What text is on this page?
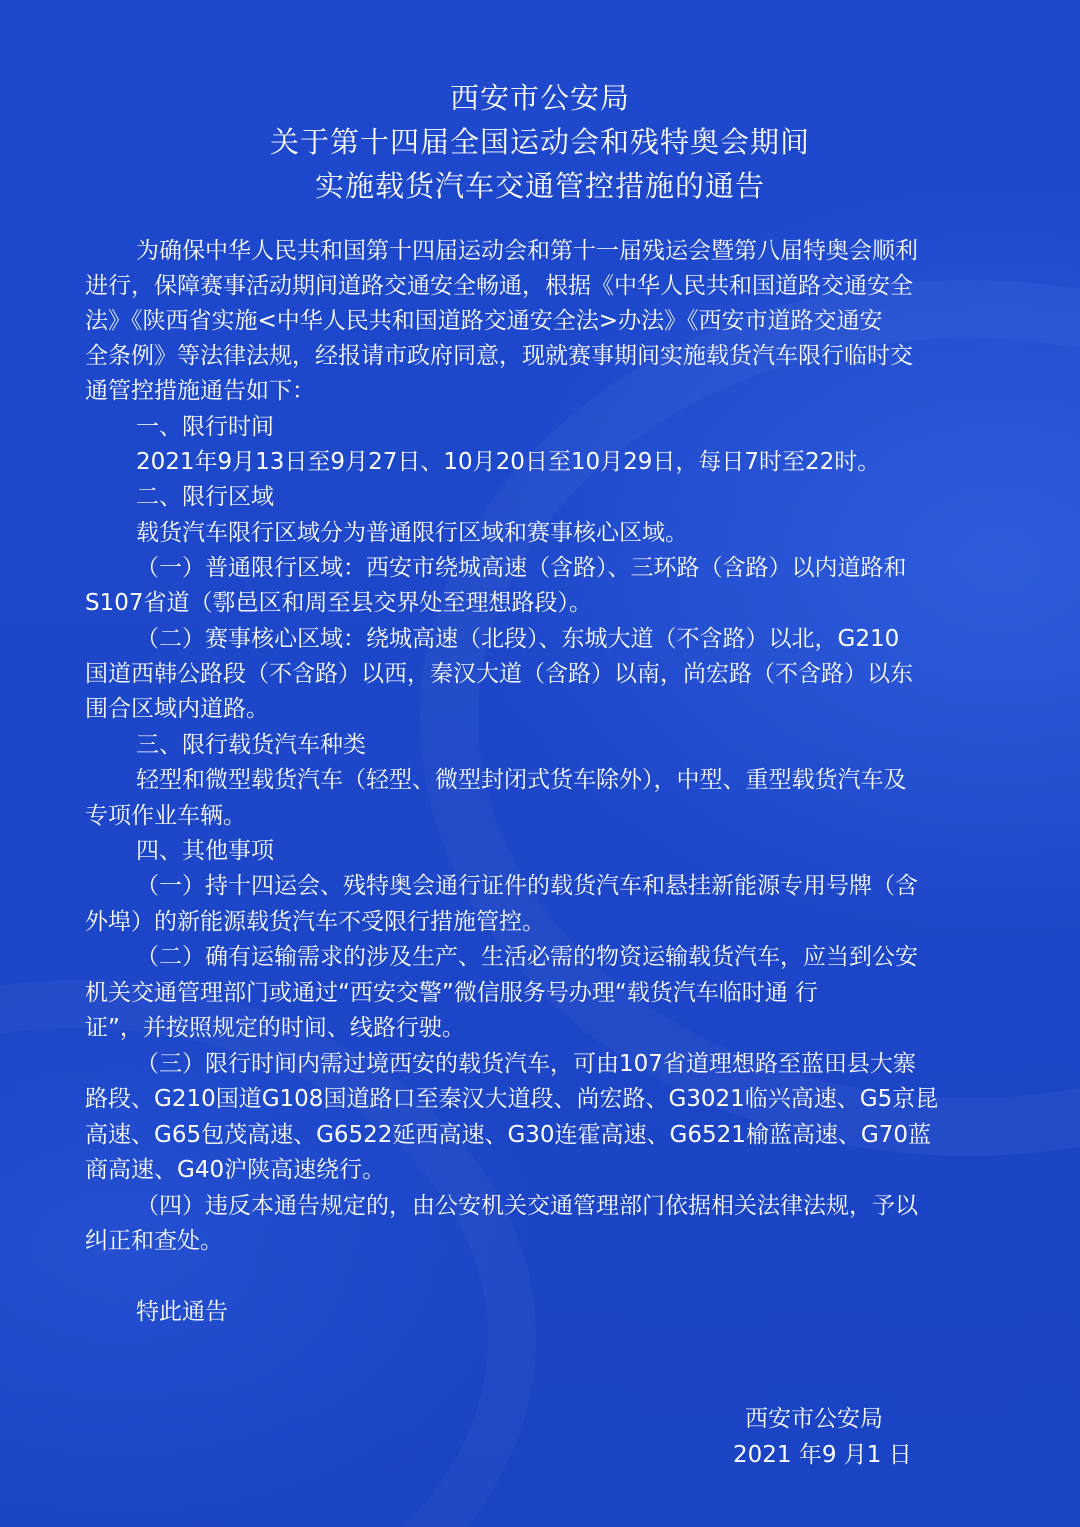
西安市公安局
关于第十四届全国运动会和残特奥会期间
实施载货汽车交通管控措施的通告
为确保中华人民共和国第十四届运动会和第十一届残运会暨第八届特奥会顺利
进行，保障赛事活动期间道路交通安全畅通，根据《中华人民共和国道路交通安全
法》《陕西省实施<中华人民共和国道路交通安全法>办法》《西安市道路交通安
全条例》等法律法规，经报请市政府同意，现就赛事期间实施载货汽车限行临时交
通管控措施通告如下：
一、限行时间
2021年9月13日至9月27日、10月20日至10月29日，每日7时至22时。
二、限行区域
载货汽车限行区域分为普通限行区域和赛事核心区域。
（一）普通限行区域：西安市绕城高速（含路）、三环路（含路）以内道路和
S107省道（鄠邑区和周至县交界处至理想路段）。
（二）赛事核心区域：绕城高速（北段）、东城大道（不含路）以北，G210
国道西韩公路段（不含路）以西，秦汉大道（含路）以南，尚宏路（不含路）以东
围合区域内道路。
三、限行载货汽车种类
轻型和微型载货汽车（轻型、微型封闭式货车除外），中型、重型载货汽车及
专项作业车辆。
四、其他事项
（一）持十四运会、残特奥会通行证件的载货汽车和悬挂新能源专用号牌（含
外埠）的新能源载货汽车不受限行措施管控。
（二）确有运输需求的涉及生产、生活必需的物资运输载货汽车，应当到公安
机关交通管理部门或通过“西安交警”微信服务号办理“载货汽车临时通 行
证”，并按照规定的时间、线路行驶。
（三）限行时间内需过境西安的载货汽车，可由107省道理想路至蓝田县大寨
路段、G210国道G108国道路口至秦汉大道段、尚宏路、G3021临兴高速、G5京昆
高速、G65包茂高速、G6522延西高速、G30连霍高速、G6521榆蓝高速、G70蓝
商高速、G40沪陕高速绕行。
（四）违反本通告规定的，由公安机关交通管理部门依据相关法律法规，予以
纠正和查处。
特此通告
西安市公安局
2021 年9 月1 日
